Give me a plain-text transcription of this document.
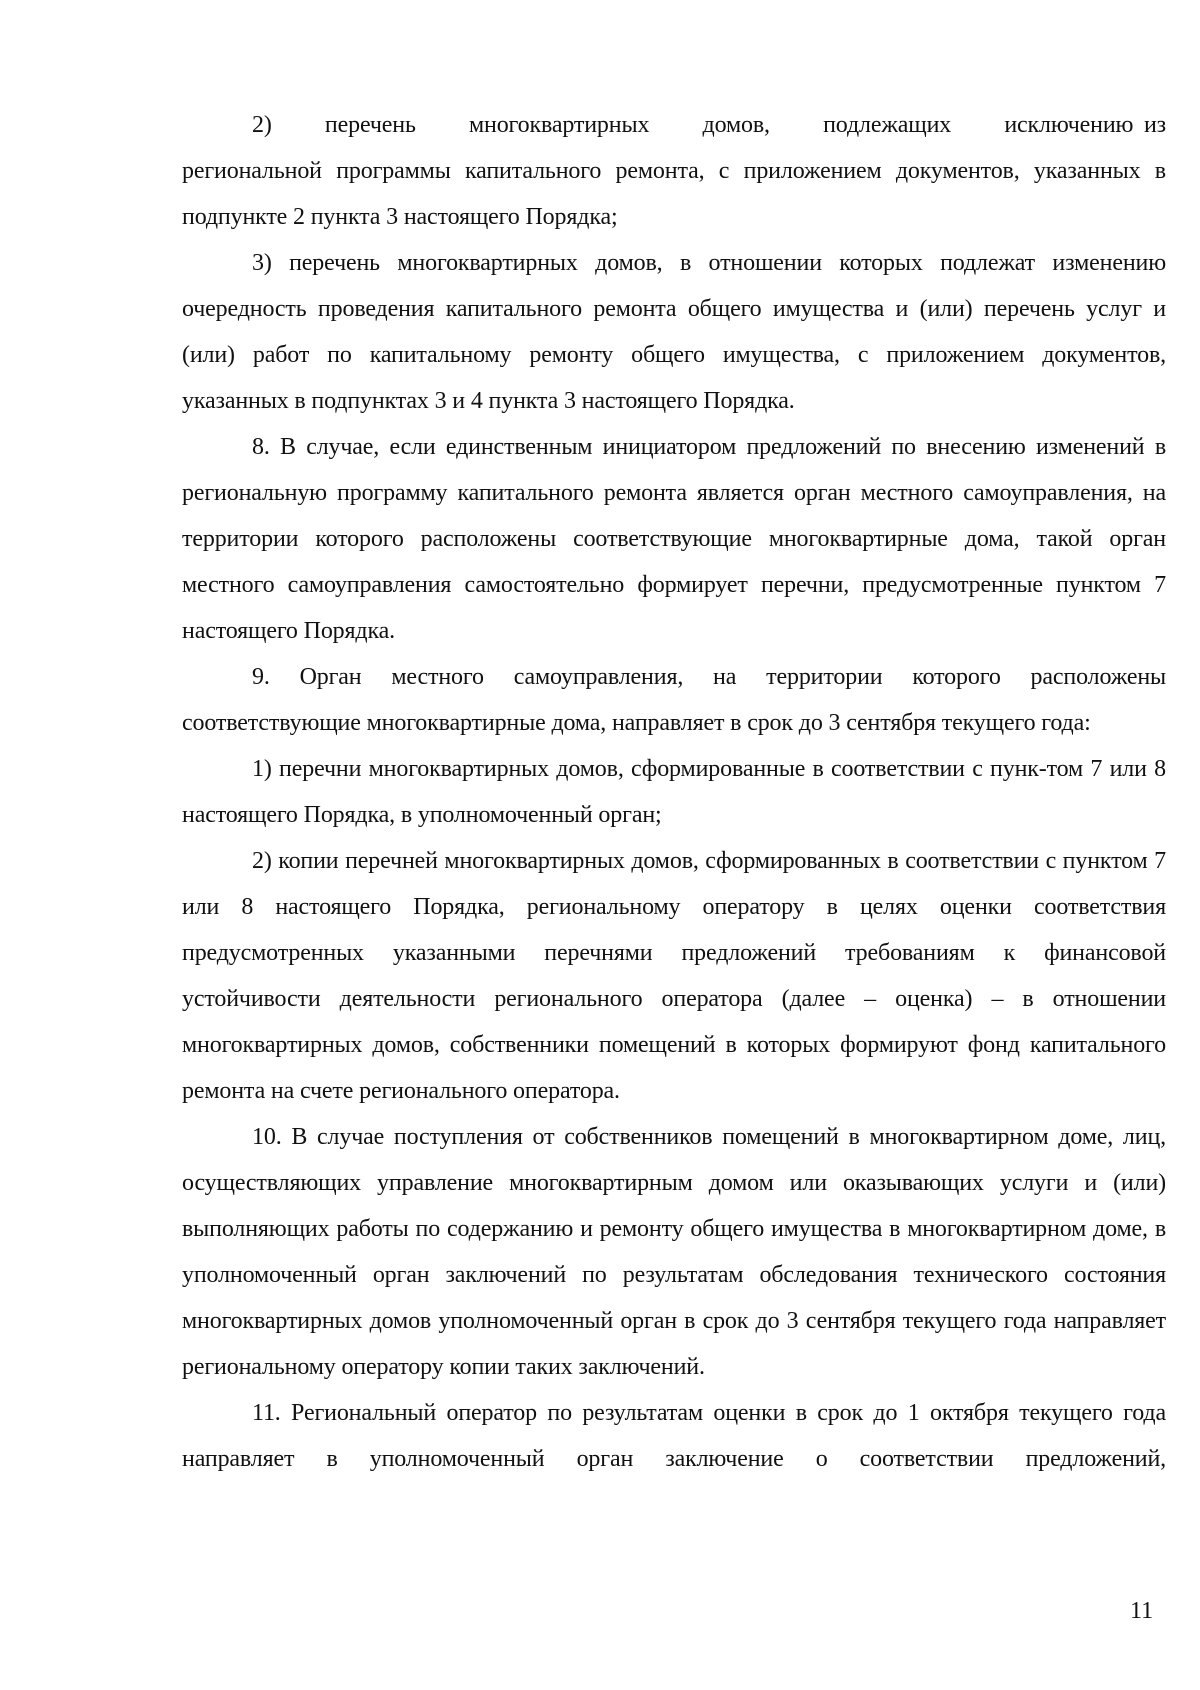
2)     перечень     многоквартирных     домов,     подлежащих     исключению из региональной программы капитального ремонта, с приложением документов, указанных в подпункте 2 пункта 3 настоящего Порядка;

3) перечень многоквартирных домов, в отношении которых подлежат изменению очередность проведения капитального ремонта общего имущества и (или) перечень услуг и (или) работ по капитальному ремонту общего имущества, с приложением документов, указанных в подпунктах 3 и 4 пункта 3 настоящего Порядка.

8. В случае, если единственным инициатором предложений по внесению изменений в региональную программу капитального ремонта является орган местного самоуправления, на территории которого расположены соответствующие многоквартирные дома, такой орган местного самоуправления самостоятельно формирует перечни, предусмотренные пунктом 7 настоящего Порядка.

9. Орган местного самоуправления, на территории которого расположены соответствующие многоквартирные дома, направляет в срок до 3 сентября текущего года:

1) перечни многоквартирных домов, сформированные в соответствии с пунк-том 7 или 8 настоящего Порядка, в уполномоченный орган;

2) копии перечней многоквартирных домов, сформированных в соответствии с пунктом 7 или 8 настоящего Порядка, региональному оператору в целях оценки соответствия предусмотренных указанными перечнями предложений требованиям к финансовой устойчивости деятельности регионального оператора (далее – оценка) – в отношении многоквартирных домов, собственники помещений в которых формируют фонд капитального ремонта на счете регионального оператора.

10. В случае поступления от собственников помещений в многоквартирном доме, лиц, осуществляющих управление многоквартирным домом или оказывающих услуги и (или) выполняющих работы по содержанию и ремонту общего имущества в многоквартирном доме, в уполномоченный орган заключений по результатам обследования технического состояния многоквартирных домов уполномоченный орган в срок до 3 сентября текущего года направляет региональному оператору копии таких заключений.

11. Региональный оператор по результатам оценки в срок до 1 октября текущего года направляет в уполномоченный орган заключение о соответствии предложений,

11
